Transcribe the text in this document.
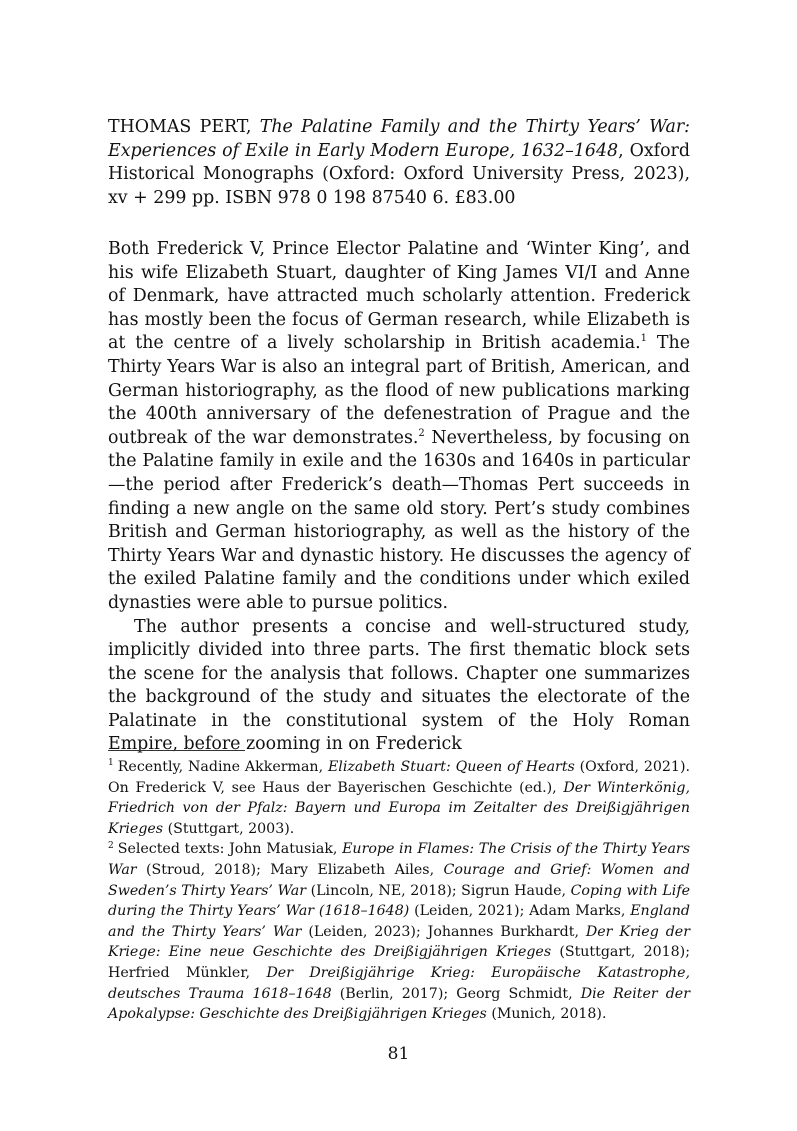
THOMAS PERT, The Palatine Family and the Thirty Years’ War: Experiences of Exile in Early Modern Europe, 1632–1648, Oxford Historical Monographs (Oxford: Oxford University Press, 2023), xv + 299 pp. ISBN 978 0 198 87540 6. £83.00

Both Frederick V, Prince Elector Palatine and ‘Winter King’, and his wife Elizabeth Stuart, daughter of King James VI/I and Anne of Denmark, have attracted much scholarly attention. Frederick has mostly been the focus of German research, while Elizabeth is at the centre of a lively scholarship in British academia.$^1$ The Thirty Years War is also an integral part of British, American, and German historiography, as the flood of new publications marking the 400th anniversary of the defenestration of Prague and the outbreak of the war demonstrates.$^2$ Nevertheless, by focusing on the Palatine family in exile and the 1630s and 1640s in particular—the period after Frederick’s death—Thomas Pert succeeds in finding a new angle on the same old story. Pert’s study combines British and German historiography, as well as the history of the Thirty Years War and dynastic history. He discusses the agency of the exiled Palatine family and the conditions under which exiled dynasties were able to pursue politics.

The author presents a concise and well-structured study, implicitly divided into three parts. The first thematic block sets the scene for the analysis that follows. Chapter one summarizes the background of the study and situates the electorate of the Palatinate in the constitutional system of the Holy Roman Empire, before zooming in on Frederick

$^1$ Recently, Nadine Akkerman, Elizabeth Stuart: Queen of Hearts (Oxford, 2021). On Frederick V, see Haus der Bayerischen Geschichte (ed.), Der Winterkönig, Friedrich von der Pfalz: Bayern und Europa im Zeitalter des Dreißigjährigen Krieges (Stuttgart, 2003).

$^2$ Selected texts: John Matusiak, Europe in Flames: The Crisis of the Thirty Years War (Stroud, 2018); Mary Elizabeth Ailes, Courage and Grief: Women and Sweden’s Thirty Years’ War (Lincoln, NE, 2018); Sigrun Haude, Coping with Life during the Thirty Years’ War (1618–1648) (Leiden, 2021); Adam Marks, England and the Thirty Years’ War (Leiden, 2023); Johannes Burkhardt, Der Krieg der Kriege: Eine neue Geschichte des Dreißigjährigen Krieges (Stuttgart, 2018); Herfried Münkler, Der Dreißigjährige Krieg: Europäische Katastrophe, deutsches Trauma 1618–1648 (Berlin, 2017); Georg Schmidt, Die Reiter der Apokalypse: Geschichte des Dreißigjährigen Krieges (Munich, 2018).

81
